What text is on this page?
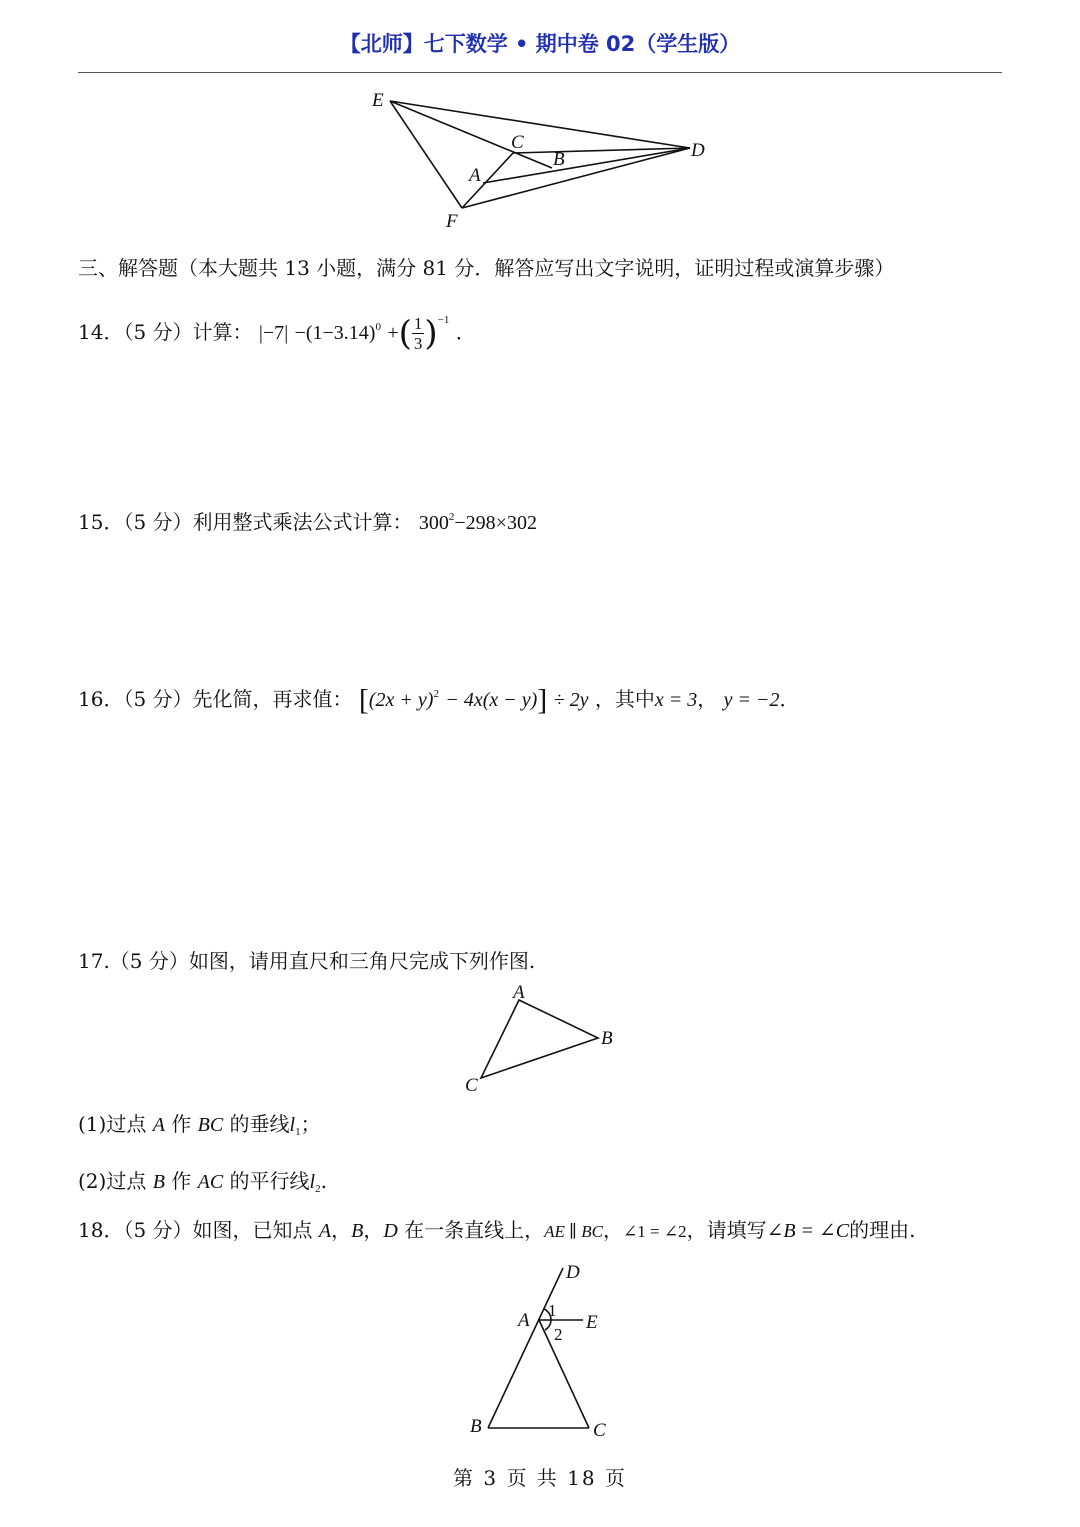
【北师】七下数学 • 期中卷 02（学生版）
E
C
B
A
D
F
三、解答题（本大题共 13 小题，满分 81 分．解答应写出文字说明，证明过程或演算步骤）
14．（5 分）计算： $|-7| -(1-3.14)^0$ +( $\frac{1}{3} )^{-1}$ ．
15．（5 分）利用整式乘法公式计算： $300^2-298\times 302$
16．（5 分）先化简，再求值： $[(2x + y)^2 - 4x(x - y)] \div 2y$ ，其中x = 3， y = −2．
17.（5 分）如图，请用直尺和三角尺完成下列作图.
A
B
C
(1)过点 A 作 BC 的垂线$l_1$；
(2)过点 B 作 AC 的平行线$l_2$.
18．（5 分）如图，已知点 A，B，D 在一条直线上，AE ∥ BC，∠1 = ∠2，请填写∠B = ∠C的理由.
D
A	E
B	C
1
2
第 3 页 共 18 页
